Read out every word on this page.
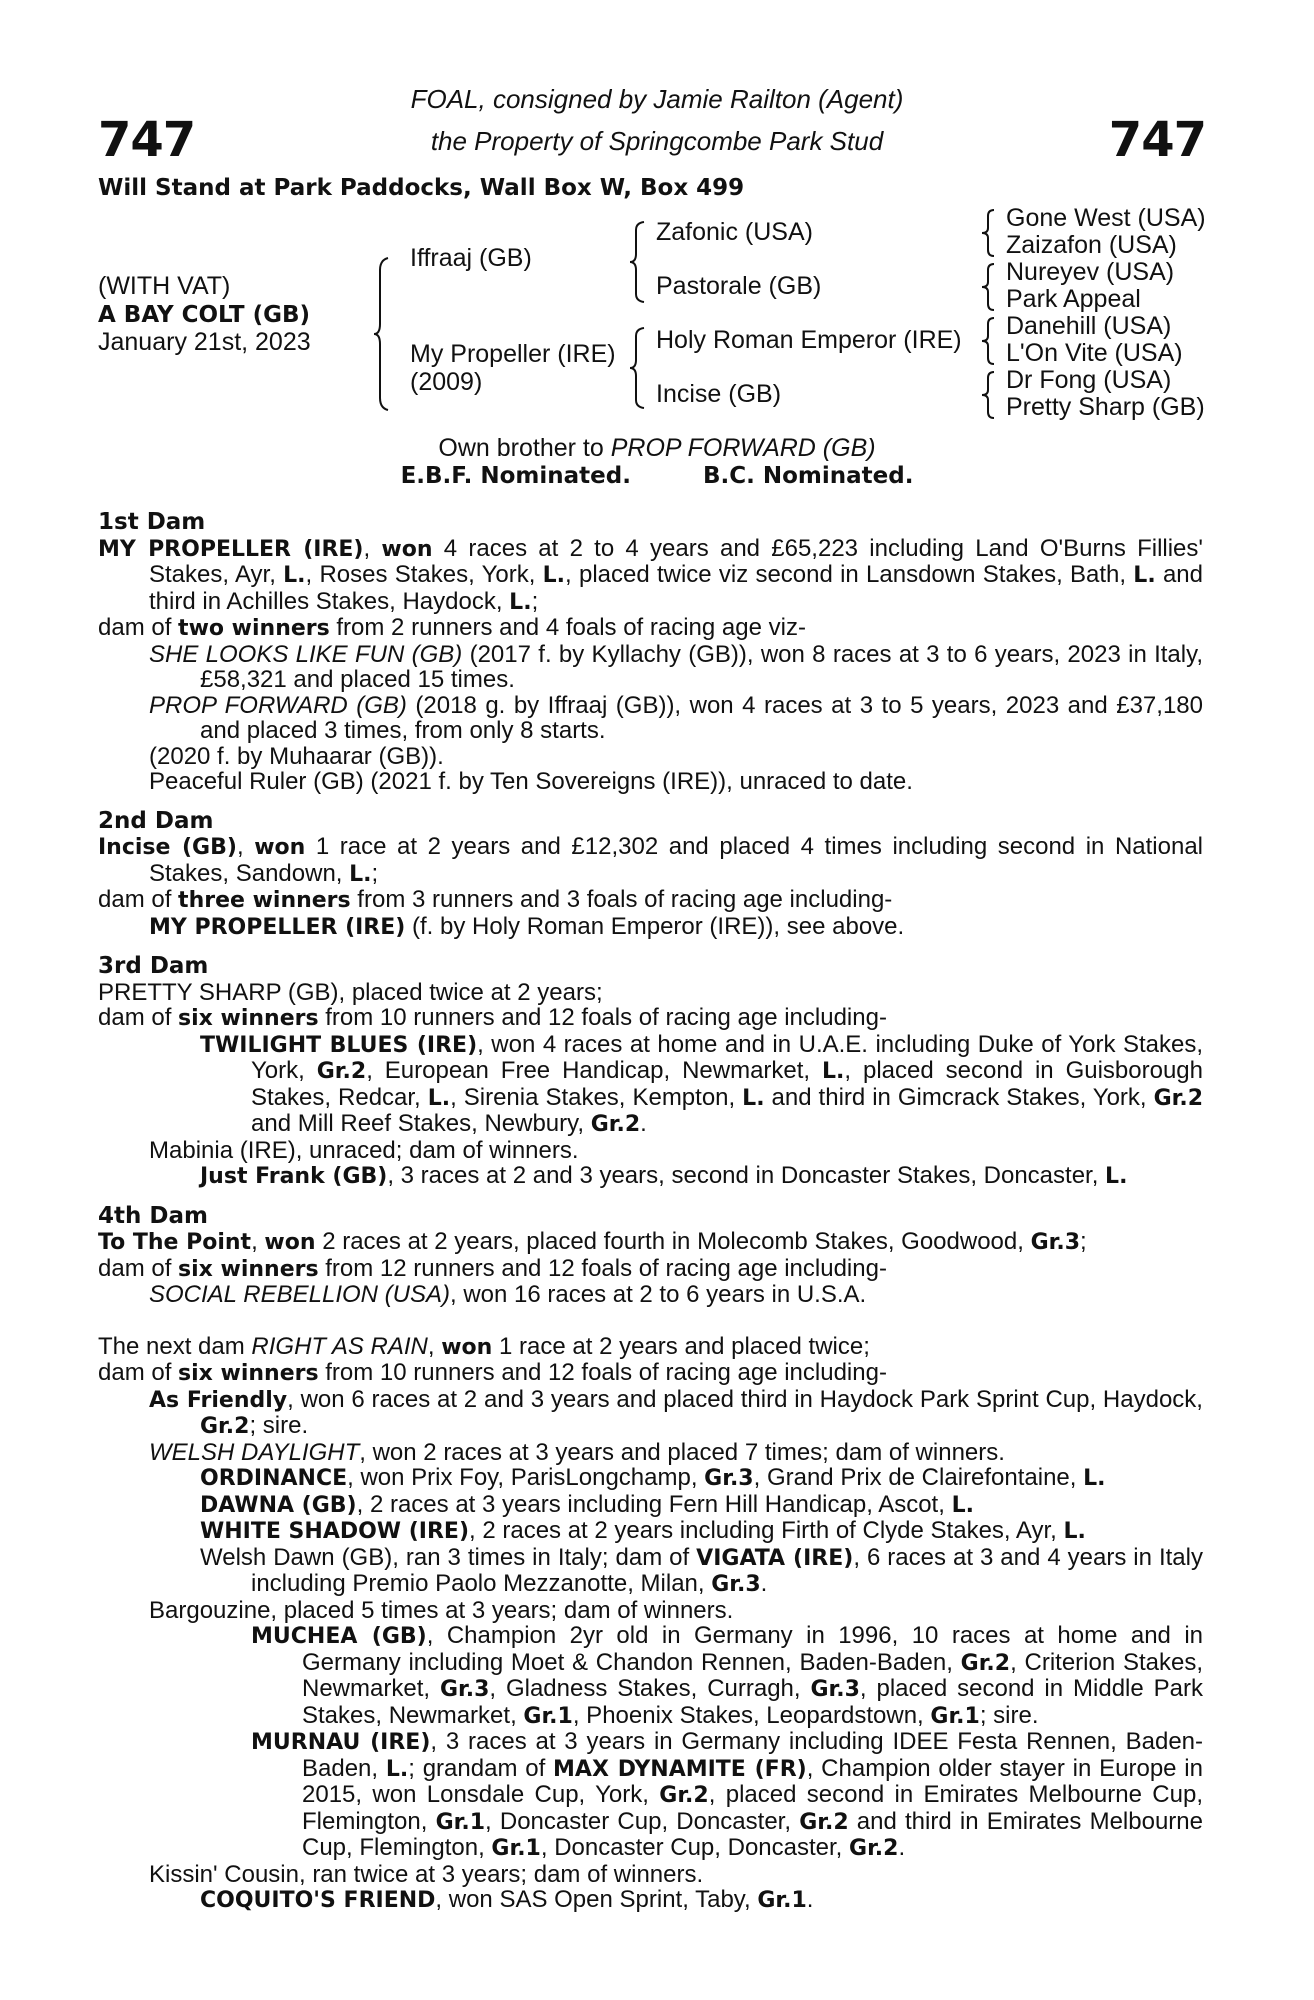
747	747
FOAL, consigned by Jamie Railton (Agent)
the Property of Springcombe Park Stud
Will Stand at Park Paddocks, Wall Box W, Box 499
(WITH VAT)
A BAY COLT (GB)
January 21st, 2023
Iffraaj (GB)
My Propeller (IRE)
(2009)
Zafonic (USA)
Pastorale (GB)
Holy Roman Emperor (IRE)
Incise (GB)
Gone West (USA)
Zaizafon (USA)
Nureyev (USA)
Park Appeal
Danehill (USA)
L'On Vite (USA)
Dr Fong (USA)
Pretty Sharp (GB)
Own brother to PROP FORWARD (GB)
E.B.F. Nominated.	B.C. Nominated.
1st Dam
MY PROPELLER (IRE), won 4 races at 2 to 4 years and £65,223 including Land O'Burns Fillies' Stakes, Ayr, L., Roses Stakes, York, L., placed twice viz second in Lansdown Stakes, Bath, L. and third in Achilles Stakes, Haydock, L.;
dam of two winners from 2 runners and 4 foals of racing age viz-
SHE LOOKS LIKE FUN (GB) (2017 f. by Kyllachy (GB)), won 8 races at 3 to 6 years, 2023 in Italy, £58,321 and placed 15 times.
PROP FORWARD (GB) (2018 g. by Iffraaj (GB)), won 4 races at 3 to 5 years, 2023 and £37,180 and placed 3 times, from only 8 starts.
(2020 f. by Muhaarar (GB)).
Peaceful Ruler (GB) (2021 f. by Ten Sovereigns (IRE)), unraced to date.
2nd Dam
Incise (GB), won 1 race at 2 years and £12,302 and placed 4 times including second in National Stakes, Sandown, L.;
dam of three winners from 3 runners and 3 foals of racing age including-
MY PROPELLER (IRE) (f. by Holy Roman Emperor (IRE)), see above.
3rd Dam
PRETTY SHARP (GB), placed twice at 2 years;
dam of six winners from 10 runners and 12 foals of racing age including-
TWILIGHT BLUES (IRE), won 4 races at home and in U.A.E. including Duke of York Stakes, York, Gr.2, European Free Handicap, Newmarket, L., placed second in Guisborough Stakes, Redcar, L., Sirenia Stakes, Kempton, L. and third in Gimcrack Stakes, York, Gr.2 and Mill Reef Stakes, Newbury, Gr.2.
Mabinia (IRE), unraced; dam of winners.
Just Frank (GB), 3 races at 2 and 3 years, second in Doncaster Stakes, Doncaster, L.
4th Dam
To The Point, won 2 races at 2 years, placed fourth in Molecomb Stakes, Goodwood, Gr.3;
dam of six winners from 12 runners and 12 foals of racing age including-
SOCIAL REBELLION (USA), won 16 races at 2 to 6 years in U.S.A.
The next dam RIGHT AS RAIN, won 1 race at 2 years and placed twice;
dam of six winners from 10 runners and 12 foals of racing age including-
As Friendly, won 6 races at 2 and 3 years and placed third in Haydock Park Sprint Cup, Haydock, Gr.2; sire.
WELSH DAYLIGHT, won 2 races at 3 years and placed 7 times; dam of winners.
ORDINANCE, won Prix Foy, ParisLongchamp, Gr.3, Grand Prix de Clairefontaine, L.
DAWNA (GB), 2 races at 3 years including Fern Hill Handicap, Ascot, L.
WHITE SHADOW (IRE), 2 races at 2 years including Firth of Clyde Stakes, Ayr, L.
Welsh Dawn (GB), ran 3 times in Italy; dam of VIGATA (IRE), 6 races at 3 and 4 years in Italy including Premio Paolo Mezzanotte, Milan, Gr.3.
Bargouzine, placed 5 times at 3 years; dam of winners.
MUCHEA (GB), Champion 2yr old in Germany in 1996, 10 races at home and in Germany including Moet & Chandon Rennen, Baden-Baden, Gr.2, Criterion Stakes, Newmarket, Gr.3, Gladness Stakes, Curragh, Gr.3, placed second in Middle Park Stakes, Newmarket, Gr.1, Phoenix Stakes, Leopardstown, Gr.1; sire.
MURNAU (IRE), 3 races at 3 years in Germany including IDEE Festa Rennen, Baden-Baden, L.; grandam of MAX DYNAMITE (FR), Champion older stayer in Europe in 2015, won Lonsdale Cup, York, Gr.2, placed second in Emirates Melbourne Cup, Flemington, Gr.1, Doncaster Cup, Doncaster, Gr.2 and third in Emirates Melbourne Cup, Flemington, Gr.1, Doncaster Cup, Doncaster, Gr.2.
Kissin' Cousin, ran twice at 3 years; dam of winners.
COQUITO'S FRIEND, won SAS Open Sprint, Taby, Gr.1.
